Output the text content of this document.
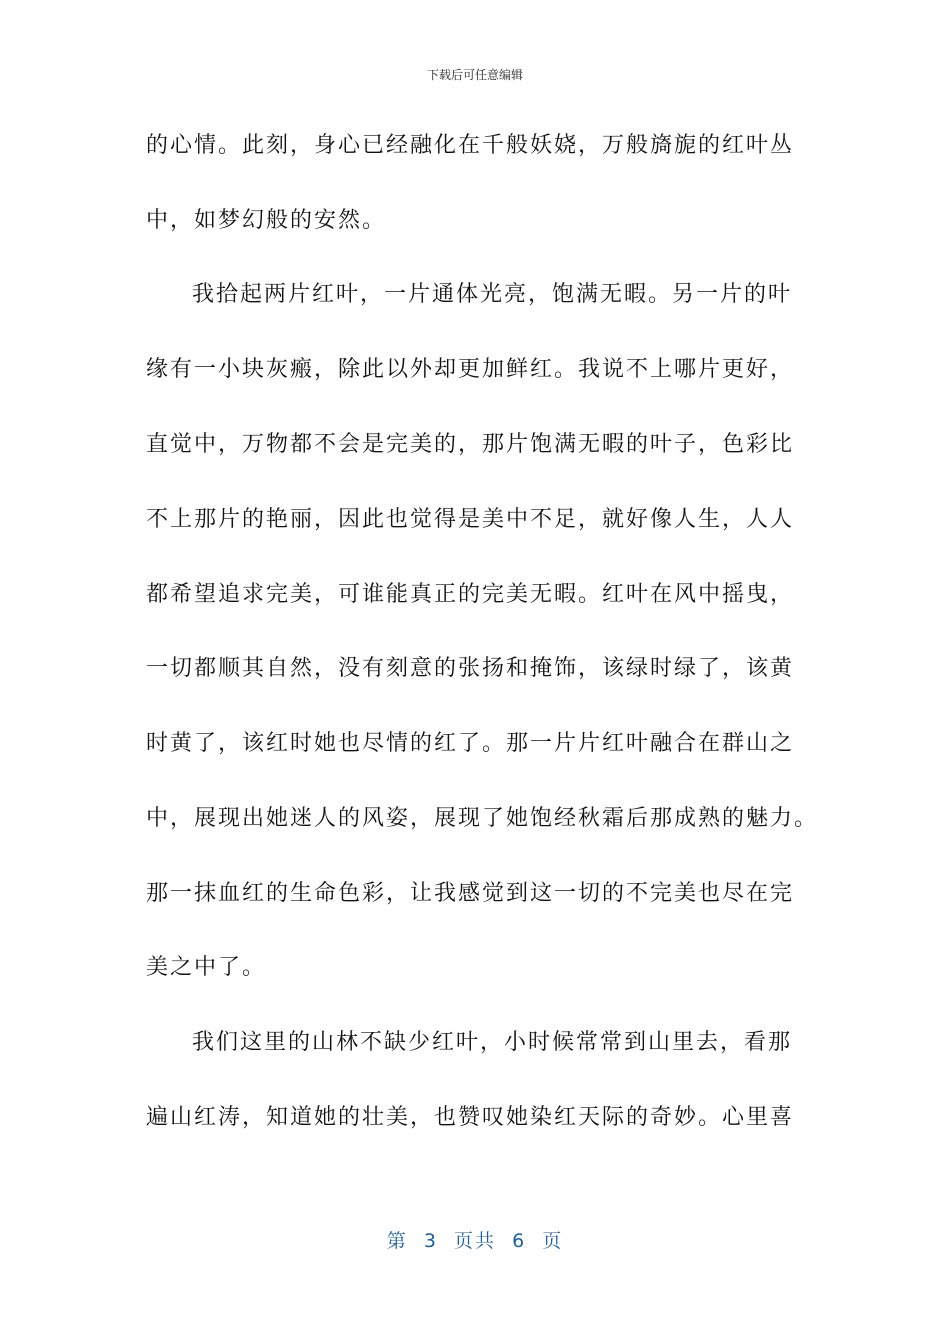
下载后可任意编辑
的心情。此刻，身心已经融化在千般妖娆，万般旖旎的红叶丛
中，如梦幻般的安然。
我拾起两片红叶，一片通体光亮，饱满无暇。另一片的叶
缘有一小块灰瘢，除此以外却更加鲜红。我说不上哪片更好，
直觉中，万物都不会是完美的，那片饱满无暇的叶子，色彩比
不上那片的艳丽，因此也觉得是美中不足，就好像人生，人人
都希望追求完美，可谁能真正的完美无暇。红叶在风中摇曳，
一切都顺其自然，没有刻意的张扬和掩饰，该绿时绿了，该黄
时黄了，该红时她也尽情的红了。那一片片红叶融合在群山之
中，展现出她迷人的风姿，展现了她饱经秋霜后那成熟的魅力。
那一抹血红的生命色彩，让我感觉到这一切的不完美也尽在完
美之中了。
我们这里的山林不缺少红叶，小时候常常到山里去，看那
遍山红涛，知道她的壮美，也赞叹她染红天际的奇妙。心里喜
第  3  页共  6  页
